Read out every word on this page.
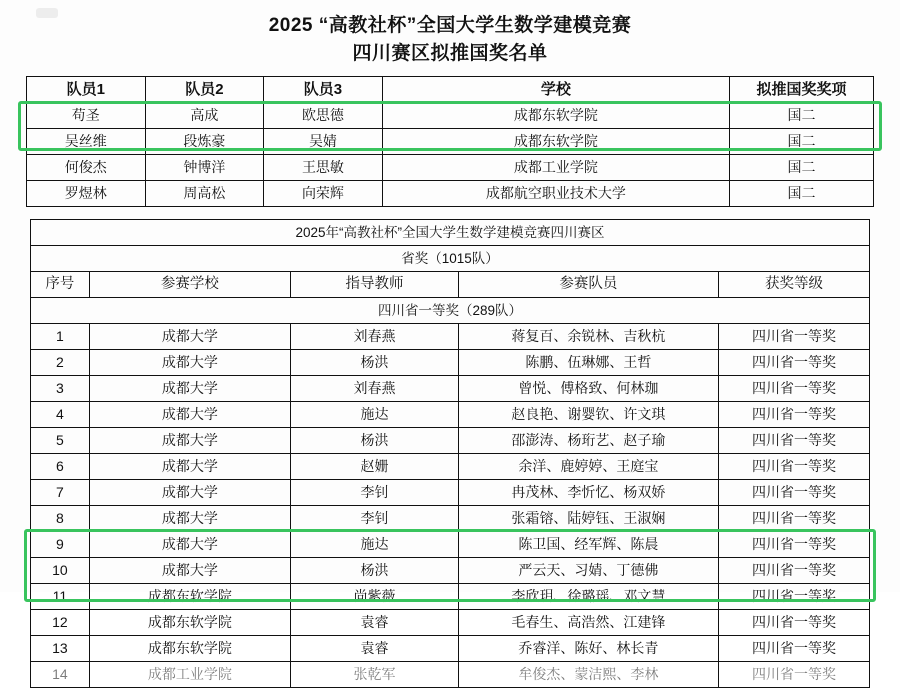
2025 “高教社杯”全国大学生数学建模竞赛
四川赛区拟推国奖名单
队员1	队员2	队员3	学校	拟推国奖奖项
苟圣	高成	欧思德	成都东软学院	国二
吴丝维	段炼豪	吴婧	成都东软学院	国二
何俊杰	钟博洋	王思敏	成都工业学院	国二
罗煜林	周高松	向荣辉	成都航空职业技术大学	国二
2025年“高教社杯”全国大学生数学建模竞赛四川赛区				
省奖（1015队）				
序号	参赛学校	指导教师	参赛队员	获奖等级
四川省一等奖（289队）				
1	成都大学	刘春燕	蒋复百、余锐林、吉秋杭	四川省一等奖
2	成都大学	杨洪	陈鹏、伍琳娜、王哲	四川省一等奖
3	成都大学	刘春燕	曾悦、傅格致、何林珈	四川省一等奖
4	成都大学	施达	赵良艳、谢婴钦、许文琪	四川省一等奖
5	成都大学	杨洪	邵澎涛、杨珩艺、赵子瑜	四川省一等奖
6	成都大学	赵姗	余洋、鹿婷婷、王庭宝	四川省一等奖
7	成都大学	李钊	冉茂林、李忻忆、杨双娇	四川省一等奖
8	成都大学	李钊	张霜镕、陆婷钰、王淑娴	四川省一等奖
9	成都大学	施达	陈卫国、经军辉、陈晨	四川省一等奖
10	成都大学	杨洪	严云天、习婧、丁德佛	四川省一等奖
11	成都东软学院	尚紫薇	李欣玥、徐璐瑶、邓文慧	四川省一等奖
12	成都东软学院	袁睿	毛春生、高浩然、江建锋	四川省一等奖
13	成都东软学院	袁睿	乔睿洋、陈好、林长青	四川省一等奖
14	成都工业学院	张乾军	牟俊杰、蒙洁熙、李林	四川省一等奖
